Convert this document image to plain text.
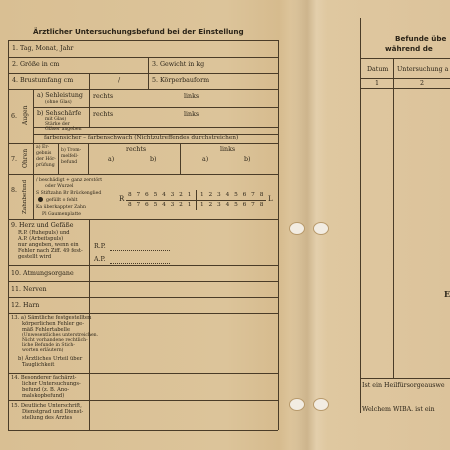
Ärztlicher Untersuchungsbefund bei der Einstellung
1. Tag, Monat, Jahr
2. Größe in cm	3. Gewicht in kg
4. Brustumfang cm	/	5. Körperbauform
6. Augen
a) Sehleistung
(ohne Glas)
rechts	links
b) Sehschärfe
mit Glas)
Stärke der
Gläser angeben
rechts	links
farbensicher – farbenschwach (Nichtzutreffendes durchstreichen)
7. Ohren
a) Er-
gebnis
der Hör-
prüfung
b) Trom-
melfell-
befund
rechts	links
a)	b)	a)	b)
8. Zahnbefund / beschädigt + ganz zerstört
oder Wurzel
S Stiftzahn Br Brückenglied
gefüllt o fehlt
Ka überkappter Zahn
Pl Gaumenplatte
R 8 7 6 5 4 3 2 1 1 2 3 4 5 6 7 8
8 7 6 5 4 3 2 1 1 2 3 4 5 6 7 8
L
9. Herz und Gefäße
R.P. (Ruhepuls) und
A.P. (Arbeitspuls)
nur angeben, wenn ein
Fehler nach Ziff. 49 fest-
gestellt wird
R.P.
A.P.
10. Atmungsorgane
11. Nerven
12. Harn
13. a) Sämtliche festgestellten
körperlichen Fehler ge-
mäß Fehlertabelle
(Unwesentliches unterstreichen.
Nicht vorhandene rechtlich-
liche Befunde in Stich-
worten erläutern)
b) Ärztliches Urteil über
Tauglichkeit
14. Besonderer fachärzt-
licher Untersuchungs-
befund (z. B. Ano-
malskopbefund)
15. Deutliche Unterschrift,
Dienstgrad und Dienst-
stellung des Arztes
Befunde übe
während de
Datum Untersuchung a
1	2
E
Ist ein Heilfürsorgeauswe
Welchem WIBA. ist ein
